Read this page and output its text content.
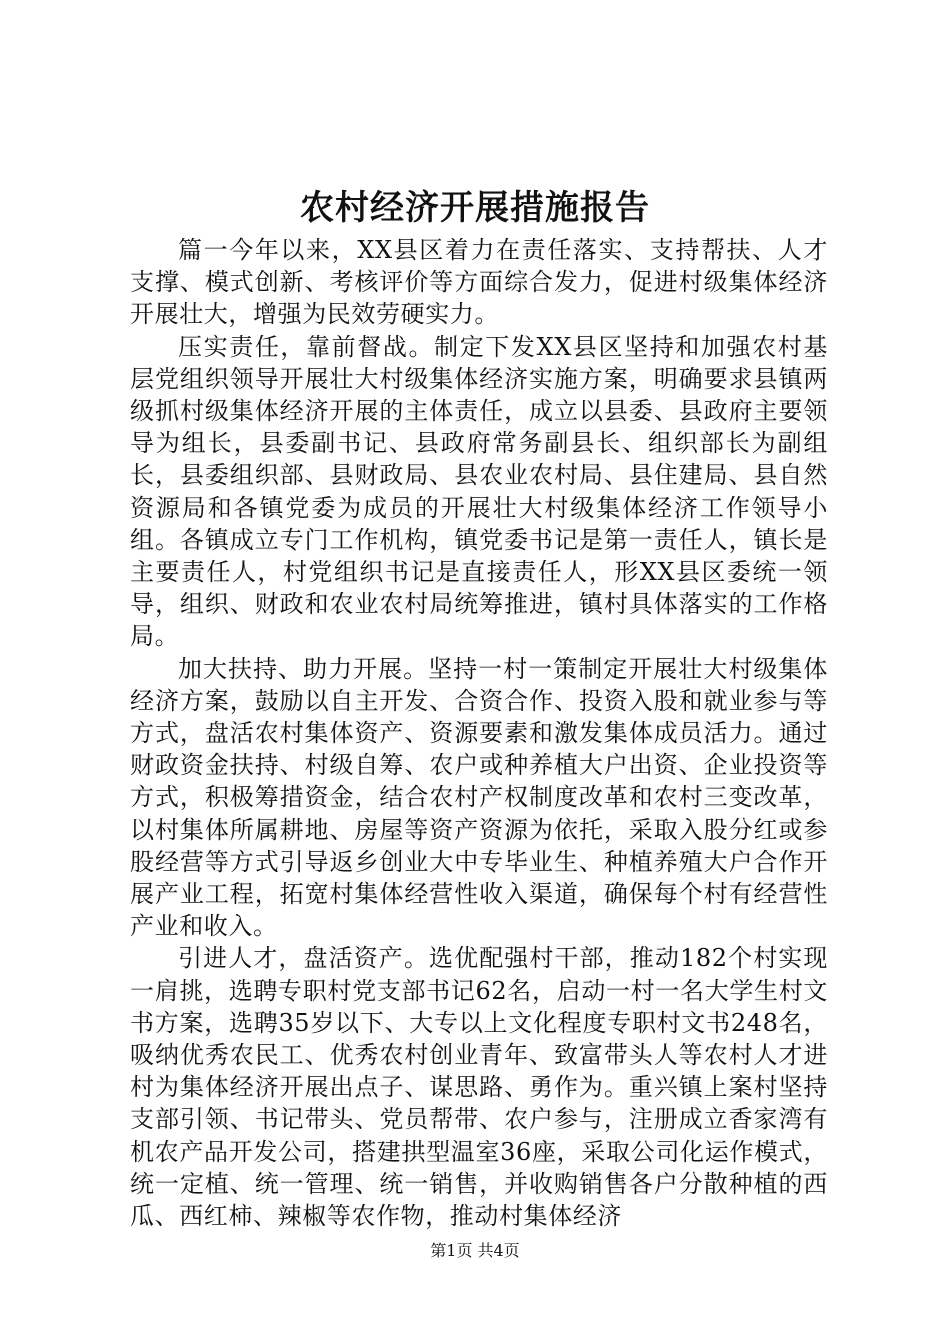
农村经济开展措施报告

篇一今年以来，XX县区着力在责任落实、支持帮扶、人才支撑、模式创新、考核评价等方面综合发力，促进村级集体经济开展壮大，增强为民效劳硬实力。

压实责任，靠前督战。制定下发XX县区坚持和加强农村基层党组织领导开展壮大村级集体经济实施方案，明确要求县镇两级抓村级集体经济开展的主体责任，成立以县委、县政府主要领导为组长，县委副书记、县政府常务副县长、组织部长为副组长，县委组织部、县财政局、县农业农村局、县住建局、县自然资源局和各镇党委为成员的开展壮大村级集体经济工作领导小组。各镇成立专门工作机构，镇党委书记是第一责任人，镇长是主要责任人，村党组织书记是直接责任人，形XX县区委统一领导，组织、财政和农业农村局统筹推进，镇村具体落实的工作格局。

加大扶持、助力开展。坚持一村一策制定开展壮大村级集体经济方案，鼓励以自主开发、合资合作、投资入股和就业参与等方式，盘活农村集体资产、资源要素和激发集体成员活力。通过财政资金扶持、村级自筹、农户或种养植大户出资、企业投资等方式，积极筹措资金，结合农村产权制度改革和农村三变改革，以村集体所属耕地、房屋等资产资源为依托，采取入股分红或参股经营等方式引导返乡创业大中专毕业生、种植养殖大户合作开展产业工程，拓宽村集体经营性收入渠道，确保每个村有经营性产业和收入。

引进人才，盘活资产。选优配强村干部，推动182个村实现一肩挑，选聘专职村党支部书记62名，启动一村一名大学生村文书方案，选聘35岁以下、大专以上文化程度专职村文书248名，吸纳优秀农民工、优秀农村创业青年、致富带头人等农村人才进村为集体经济开展出点子、谋思路、勇作为。重兴镇上案村坚持支部引领、书记带头、党员帮带、农户参与，注册成立香家湾有机农产品开发公司，搭建拱型温室36座，采取公司化运作模式，统一定植、统一管理、统一销售，并收购销售各户分散种植的西瓜、西红柿、辣椒等农作物，推动村集体经济

第1页 共4页
